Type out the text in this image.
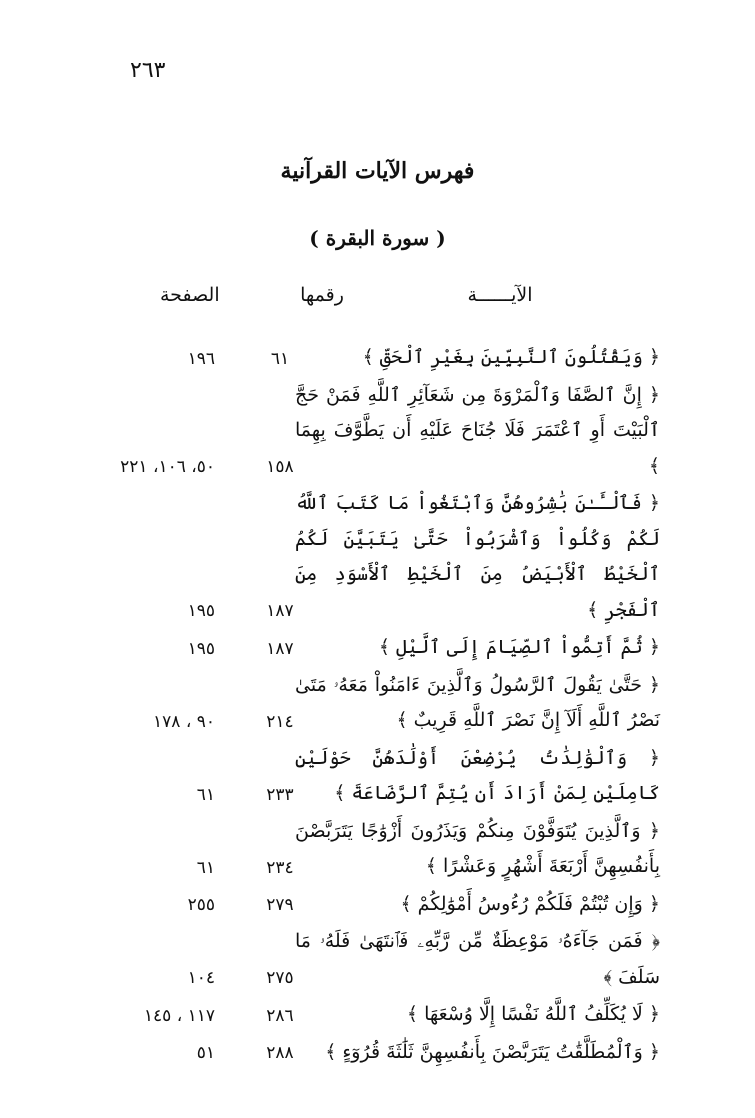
٢٦٣
فهرس الآيات القرآنية
( سورة البقرة )
الصفحة	رقمها	الآيــــــة
﴿ وَيَقْتُلُونَ ٱلنَّبِيِّينَ بِغَيْرِ ٱلْحَقِّ ﴾
٦١
١٩٦
﴿ إِنَّ ٱلصَّفَا وَٱلْمَرْوَةَ مِن شَعَآئِرِ ٱللَّهِ فَمَنْ حَجَّ ٱلْبَيْتَ أَوِ ٱعْتَمَرَ فَلَا جُنَاحَ عَلَيْهِ أَن يَطَّوَّفَ بِهِمَا ﴾
١٥٨
٥٠، ١٠٦، ٢٢١
﴿ فَٱلْـَٔـٰنَ بَٰشِرُوهُنَّ وَٱبْتَغُواْ مَا كَتَبَ ٱللَّهُ لَكُمْ وَكُلُواْ وَٱشْرَبُواْ حَتَّىٰ يَتَبَيَّنَ لَكُمُ ٱلْخَيْطُ ٱلْأَبْيَضُ مِنَ ٱلْخَيْطِ ٱلْأَسْوَدِ مِنَ ٱلْفَجْرِ ﴾
١٨٧
١٩٥
﴿ ثُمَّ أَتِمُّواْ ٱلصِّيَامَ إِلَى ٱلَّيْلِ ﴾
١٨٧
١٩٥
﴿ حَتَّىٰ يَقُولَ ٱلرَّسُولُ وَٱلَّذِينَ ءَامَنُواْ مَعَهُۥ مَتَىٰ نَصْرُ ٱللَّهِ أَلَآ إِنَّ نَصْرَ ٱللَّهِ قَرِيبٌ ﴾
٢١٤
٩٠ ، ١٧٨
﴿ وَٱلْوَٰلِدَٰتُ يُرْضِعْنَ أَوْلَٰدَهُنَّ حَوْلَيْنِ كَامِلَيْنِ لِمَنْ أَرَادَ أَن يُتِمَّ ٱلرَّضَاعَةَ ﴾
٢٣٣
٦١
﴿ وَٱلَّذِينَ يُتَوَفَّوْنَ مِنكُمْ وَيَذَرُونَ أَزْوَٰجًا يَتَرَبَّصْنَ بِأَنفُسِهِنَّ أَرْبَعَةَ أَشْهُرٍ وَعَشْرًا ﴾
٢٣٤
٦١
﴿ وَإِن تُبْتُمْ فَلَكُمْ رُءُوسُ أَمْوَٰلِكُمْ ﴾
٢٧٩
٢٥٥
﴿ فَمَن جَآءَهُۥ مَوْعِظَةٌ مِّن رَّبِّهِۦ فَٱنتَهَىٰ فَلَهُۥ مَا سَلَفَ ﴾
٢٧٥
١٠٤
﴿ لَا يُكَلِّفُ ٱللَّهُ نَفْسًا إِلَّا وُسْعَهَا ﴾
٢٨٦
١١٧ ، ١٤٥
﴿ وَٱلْمُطَلَّقَٰتُ يَتَرَبَّصْنَ بِأَنفُسِهِنَّ ثَلَٰثَةَ قُرُوٓءٍ ﴾
٢٨٨
٥١
